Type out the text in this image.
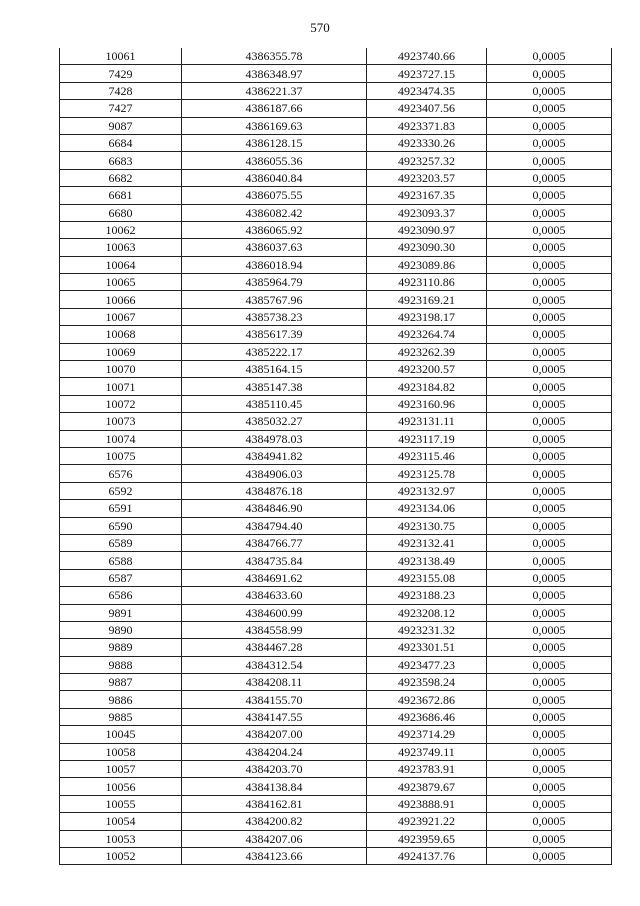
570
10061	4386355.78	4923740.66	0,0005
7429	4386348.97	4923727.15	0,0005
7428	4386221.37	4923474.35	0,0005
7427	4386187.66	4923407.56	0,0005
9087	4386169.63	4923371.83	0,0005
6684	4386128.15	4923330.26	0,0005
6683	4386055.36	4923257.32	0,0005
6682	4386040.84	4923203.57	0,0005
6681	4386075.55	4923167.35	0,0005
6680	4386082.42	4923093.37	0,0005
10062	4386065.92	4923090.97	0,0005
10063	4386037.63	4923090.30	0,0005
10064	4386018.94	4923089.86	0,0005
10065	4385964.79	4923110.86	0,0005
10066	4385767.96	4923169.21	0,0005
10067	4385738.23	4923198.17	0,0005
10068	4385617.39	4923264.74	0,0005
10069	4385222.17	4923262.39	0,0005
10070	4385164.15	4923200.57	0,0005
10071	4385147.38	4923184.82	0,0005
10072	4385110.45	4923160.96	0,0005
10073	4385032.27	4923131.11	0,0005
10074	4384978.03	4923117.19	0,0005
10075	4384941.82	4923115.46	0,0005
6576	4384906.03	4923125.78	0,0005
6592	4384876.18	4923132.97	0,0005
6591	4384846.90	4923134.06	0,0005
6590	4384794.40	4923130.75	0,0005
6589	4384766.77	4923132.41	0,0005
6588	4384735.84	4923138.49	0,0005
6587	4384691.62	4923155.08	0,0005
6586	4384633.60	4923188.23	0,0005
9891	4384600.99	4923208.12	0,0005
9890	4384558.99	4923231.32	0,0005
9889	4384467.28	4923301.51	0,0005
9888	4384312.54	4923477.23	0,0005
9887	4384208.11	4923598.24	0,0005
9886	4384155.70	4923672.86	0,0005
9885	4384147.55	4923686.46	0,0005
10045	4384207.00	4923714.29	0,0005
10058	4384204.24	4923749.11	0,0005
10057	4384203.70	4923783.91	0,0005
10056	4384138.84	4923879.67	0,0005
10055	4384162.81	4923888.91	0,0005
10054	4384200.82	4923921.22	0,0005
10053	4384207.06	4923959.65	0,0005
10052	4384123.66	4924137.76	0,0005
